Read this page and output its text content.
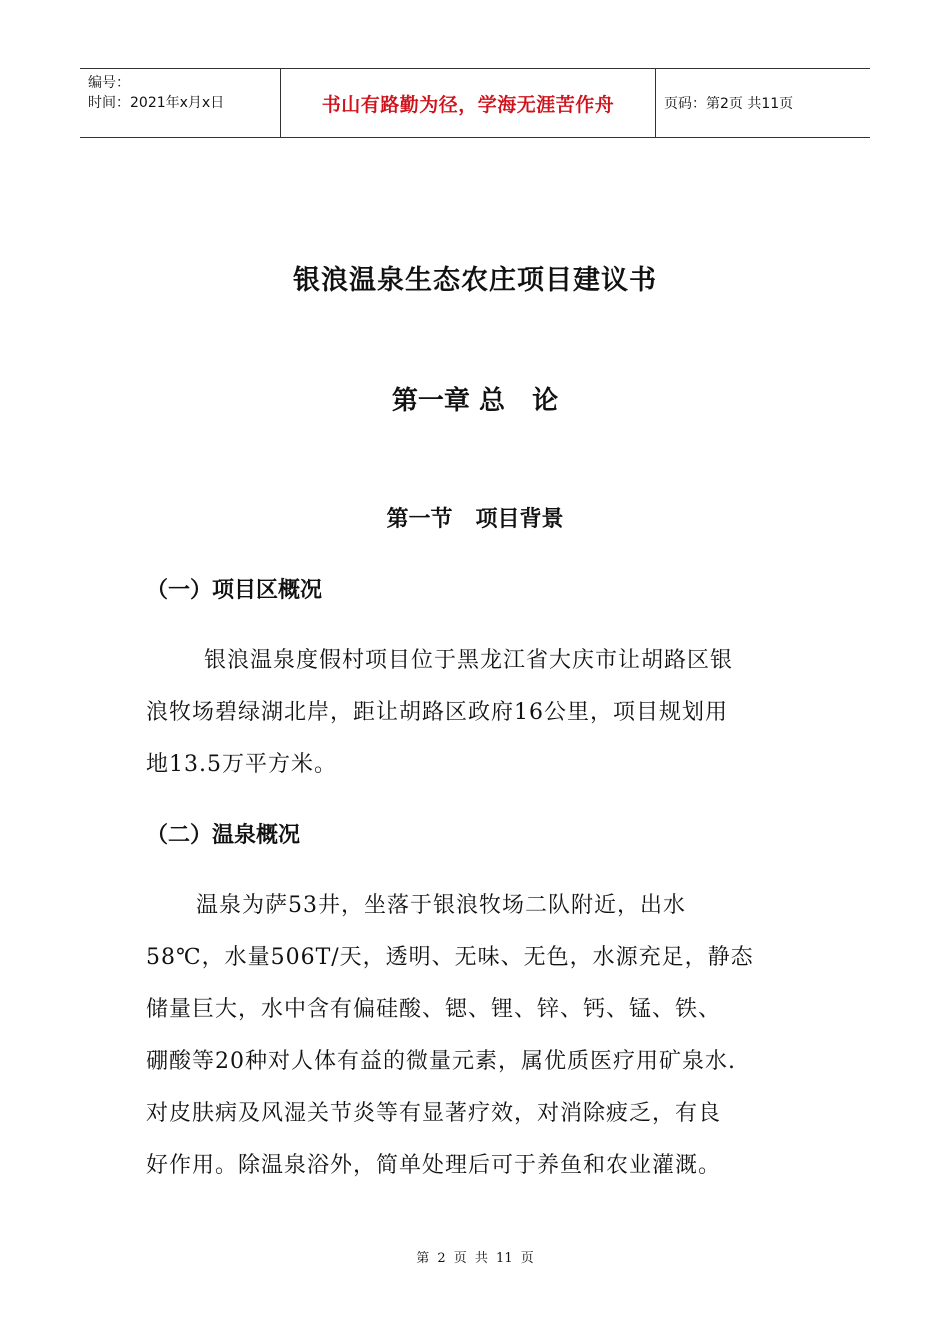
编号：
时间：2021年x月x日	书山有路勤为径，学海无涯苦作舟	页码：第2页 共11页
银浪温泉生态农庄项目建议书
第一章 总   论
第一节   项目背景
（一）项目区概况
银浪温泉度假村项目位于黑龙江省大庆市让胡路区银
浪牧场碧绿湖北岸，距让胡路区政府16公里，项目规划用
地13.5万平方米。
（二）温泉概况
温泉为萨53井，坐落于银浪牧场二队附近，出水
58℃，水量506T/天，透明、无味、无色，水源充足，静态
储量巨大，水中含有偏硅酸、锶、锂、锌、钙、锰、铁、
硼酸等20种对人体有益的微量元素，属优质医疗用矿泉水.
对皮肤病及风湿关节炎等有显著疗效，对消除疲乏，有良
好作用。除温泉浴外，简单处理后可于养鱼和农业灌溉。
第 2 页 共 11 页
